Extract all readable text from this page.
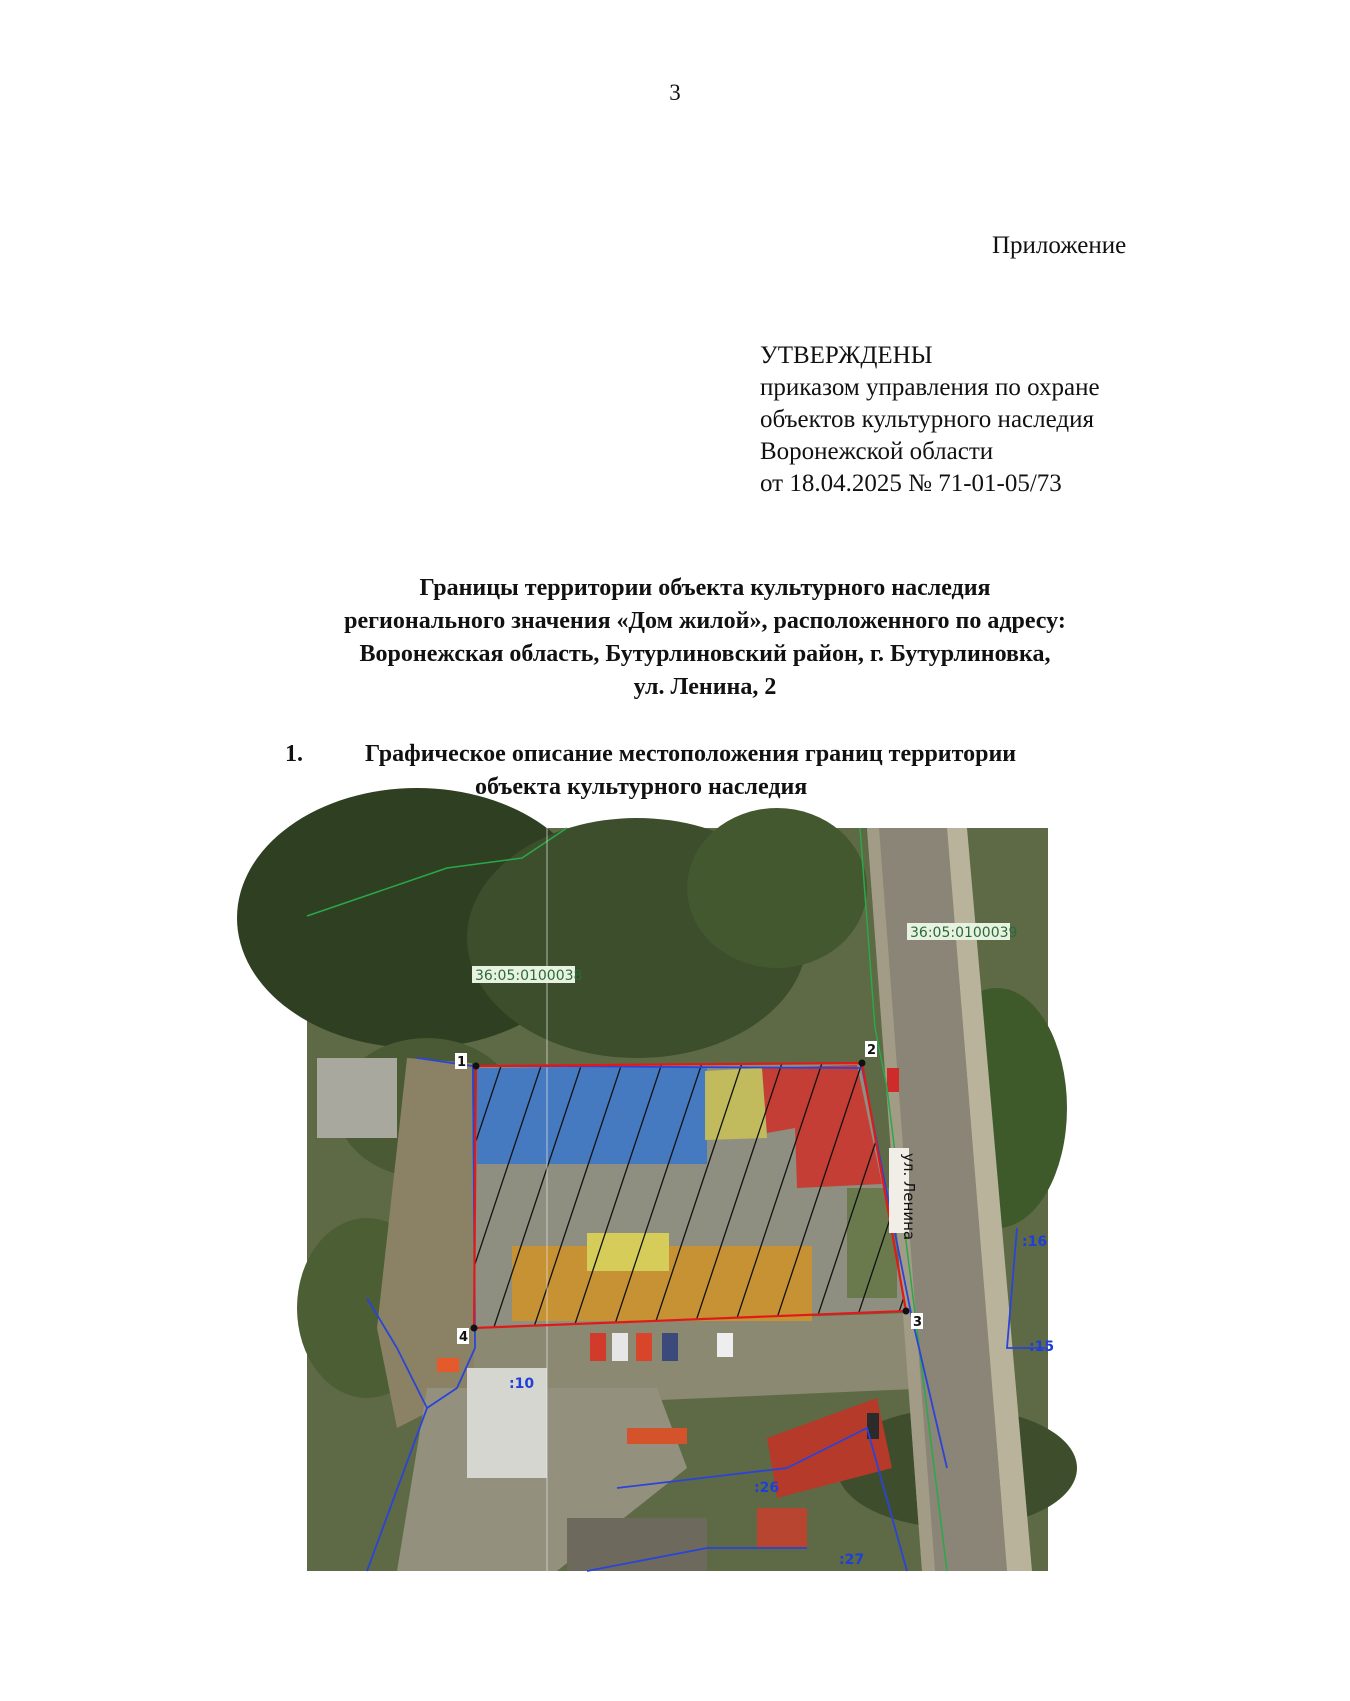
3
Приложение
УТВЕРЖДЕНЫ
приказом управления по охране
объектов культурного наследия
Воронежской области
от 18.04.2025 № 71-01-05/73
Границы территории объекта культурного наследия
регионального значения «Дом жилой», расположенного по адресу:
Воронежская область, Бутурлиновский район, г. Бутурлиновка,
ул. Ленина, 2
1.	Графическое описание местоположения границ территории
объекта культурного наследия
1
2
3
4
36:05:0100038
36:05:0100039
ул. Ленина
:10
:16
:15
:26
:27
